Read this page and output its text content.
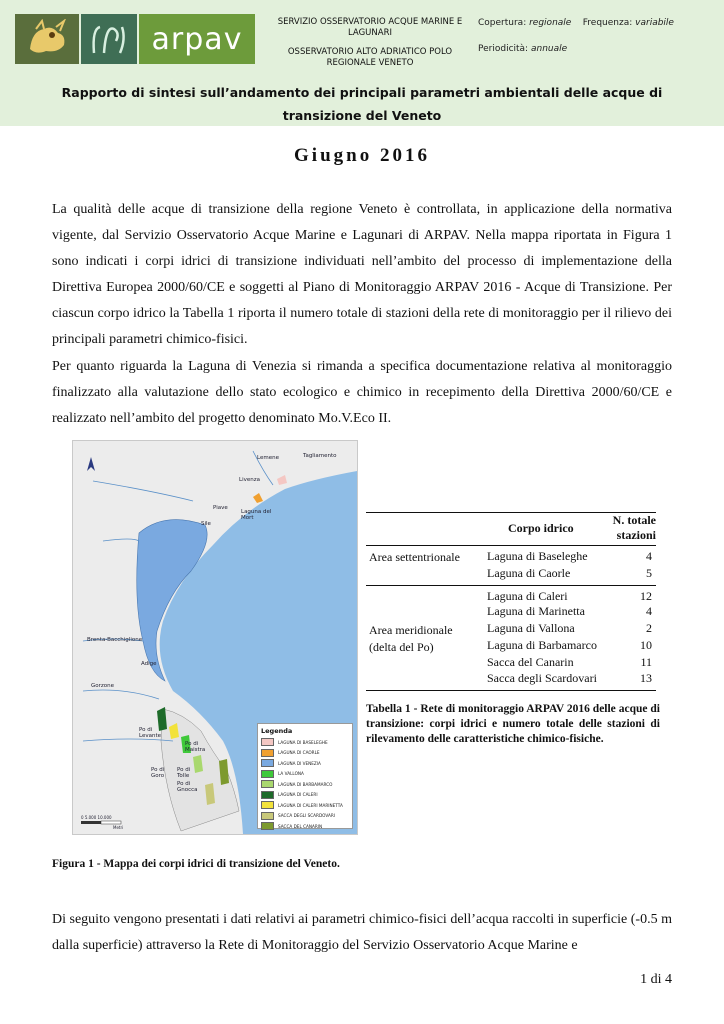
arpav	SERVIZIO OSSERVATORIO ACQUE MARINE E LAGUNARI
OSSERVATORIO ALTO ADRIATICO POLO REGIONALE VENETO
Copertura: regionale Frequenza: variabile
Periodicità: annuale
Rapporto di sintesi sull’andamento dei principali parametri ambientali delle acque di transizione del Veneto
Giugno 2016
La qualità delle acque di transizione della regione Veneto è controllata, in applicazione della normativa vigente, dal Servizio Osservatorio Acque Marine e Lagunari di ARPAV. Nella mappa riportata in Figura 1 sono indicati i corpi idrici di transizione individuati nell’ambito del processo di implementazione della Direttiva Europea 2000/60/CE e soggetti al Piano di Monitoraggio ARPAV 2016 - Acque di Transizione. Per ciascun corpo idrico la Tabella 1 riporta il numero totale di stazioni della rete di monitoraggio per il rilievo dei principali parametri chimico-fisici.
Per quanto riguarda la Laguna di Venezia si rimanda a specifica documentazione relativa al monitoraggio finalizzato alla valutazione dello stato ecologico e chimico in recepimento della Direttiva 2000/60/CE e realizzato nell’ambito del progetto denominato Mo.V.Eco II.
Lemene	Tagliamento
Livenza
Piave
Laguna del Mort
Sile
Brenta-Bacchiglione
Adige
Gorzone
Po di Levante
Po di Maistra
Po di Tolle
Po di Gnocca
Po di Goro
0 5.000 10.000
Metri
Legenda
LAGUNA DI BASELEGHE
LAGUNA DI CAORLE
LAGUNA DI VENEZIA
LA VALLONA
LAGUNA DI BARBAMARCO
LAGUNA DI CALERI
LAGUNA DI CALERI MARINETTA
SACCA DEGLI SCARDOVARI
SACCA DEL CANARIN
Figura 1 - Mappa dei corpi idrici di transizione del Veneto.
Corpo idrico
N. totale stazioni
Area settentrionale Laguna di Baseleghe	4
Laguna di Caorle	5
Area meridionale (delta del Po)
Laguna di Caleri	12
Laguna di Marinetta	4
Laguna di Vallona	2
Laguna di Barbamarco	10
Sacca del Canarin	11
Sacca degli Scardovari	13
Tabella 1 - Rete di monitoraggio ARPAV 2016 delle acque di transizione: corpi idrici e numero totale delle stazioni di rilevamento delle caratteristiche chimico-fisiche.
Di seguito vengono presentati i dati relativi ai parametri chimico-fisici dell’acqua raccolti in superficie (-0.5 m dalla superficie) attraverso la Rete di Monitoraggio del Servizio Osservatorio Acque Marine e
1 di 4
